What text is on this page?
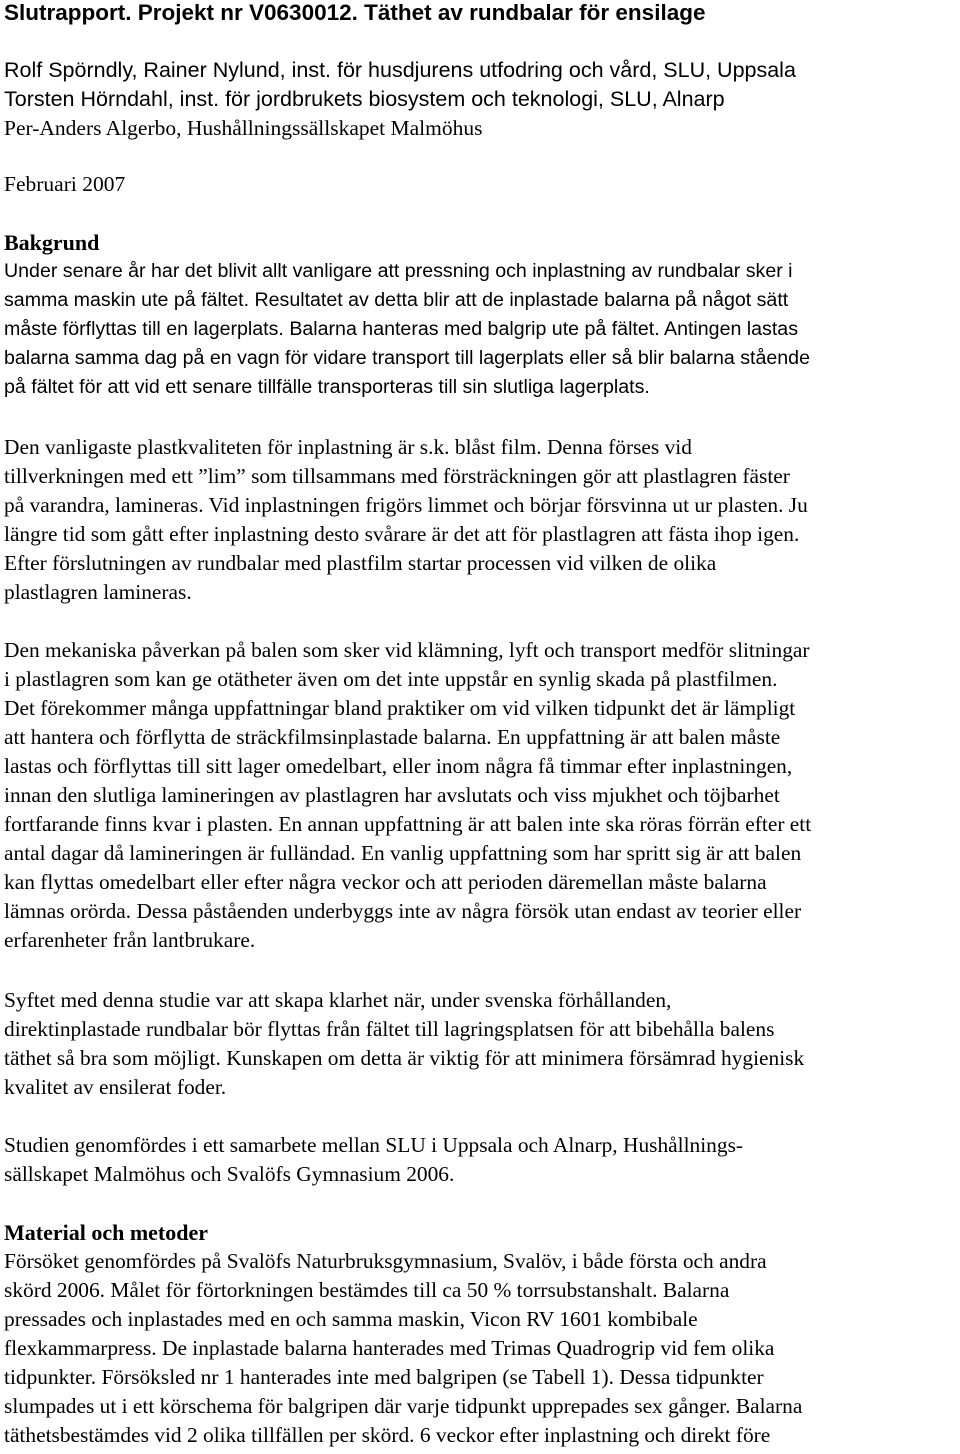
Slutrapport. Projekt nr V0630012. Täthet av rundbalar för ensilage

Rolf Spörndly, Rainer Nylund, inst. för husdjurens utfodring och vård, SLU, Uppsala

Torsten Hörndahl, inst. för jordbrukets biosystem och teknologi, SLU, Alnarp

Per-Anders Algerbo, Hushållningssällskapet Malmöhus

Februari 2007

Bakgrund
Under senare år har det blivit allt vanligare att pressning och inplastning av rundbalar sker i
samma maskin ute på fältet. Resultatet av detta blir att de inplastade balarna på något sätt
måste förflyttas till en lagerplats. Balarna hanteras med balgrip ute på fältet. Antingen lastas
balarna samma dag på en vagn för vidare transport till lagerplats eller så blir balarna stående
på fältet för att vid ett senare tillfälle transporteras till sin slutliga lagerplats.
Den vanligaste plastkvaliteten för inplastning är s.k. blåst film. Denna förses vid
tillverkningen med ett ”lim” som tillsammans med försträckningen gör att plastlagren fäster
på varandra, lamineras. Vid inplastningen frigörs limmet och börjar försvinna ut ur plasten. Ju
längre tid som gått efter inplastning desto svårare är det att för plastlagren att fästa ihop igen.
Efter förslutningen av rundbalar med plastfilm startar processen vid vilken de olika
plastlagren lamineras.
Den mekaniska påverkan på balen som sker vid klämning, lyft och transport medför slitningar
i plastlagren som kan ge otätheter även om det inte uppstår en synlig skada på plastfilmen.
Det förekommer många uppfattningar bland praktiker om vid vilken tidpunkt det är lämpligt
att hantera och förflytta de sträckfilmsinplastade balarna. En uppfattning är att balen måste
lastas och förflyttas till sitt lager omedelbart, eller inom några få timmar efter inplastningen,
innan den slutliga lamineringen av plastlagren har avslutats och viss mjukhet och töjbarhet
fortfarande finns kvar i plasten. En annan uppfattning är att balen inte ska röras förrän efter ett
antal dagar då lamineringen är fulländad. En vanlig uppfattning som har spritt sig är att balen
kan flyttas omedelbart eller efter några veckor och att perioden däremellan måste balarna
lämnas orörda. Dessa påståenden underbyggs inte av några försök utan endast av teorier eller
erfarenheter från lantbrukare.
Syftet med denna studie var att skapa klarhet när, under svenska förhållanden,
direktinplastade rundbalar bör flyttas från fältet till lagringsplatsen för att bibehålla balens
täthet så bra som möjligt. Kunskapen om detta är viktig för att minimera försämrad hygienisk
kvalitet av ensilerat foder.
Studien genomfördes i ett samarbete mellan SLU i Uppsala och Alnarp, Hushållnings-
sällskapet Malmöhus och Svalöfs Gymnasium 2006.
Material och metoder
Försöket genomfördes på Svalöfs Naturbruksgymnasium, Svalöv, i både första och andra
skörd 2006. Målet för förtorkningen bestämdes till ca 50 % torrsubstanshalt. Balarna
pressades och inplastades med en och samma maskin, Vicon RV 1601 kombibale
flexkammarpress. De inplastade balarna hanterades med Trimas Quadrogrip vid fem olika
tidpunkter. Försöksled nr 1 hanterades inte med balgripen (se Tabell 1). Dessa tidpunkter
slumpades ut i ett körschema för balgripen där varje tidpunkt upprepades sex gånger. Balarna
täthetsbestämdes vid 2 olika tillfällen per skörd. 6 veckor efter inplastning och direkt före
